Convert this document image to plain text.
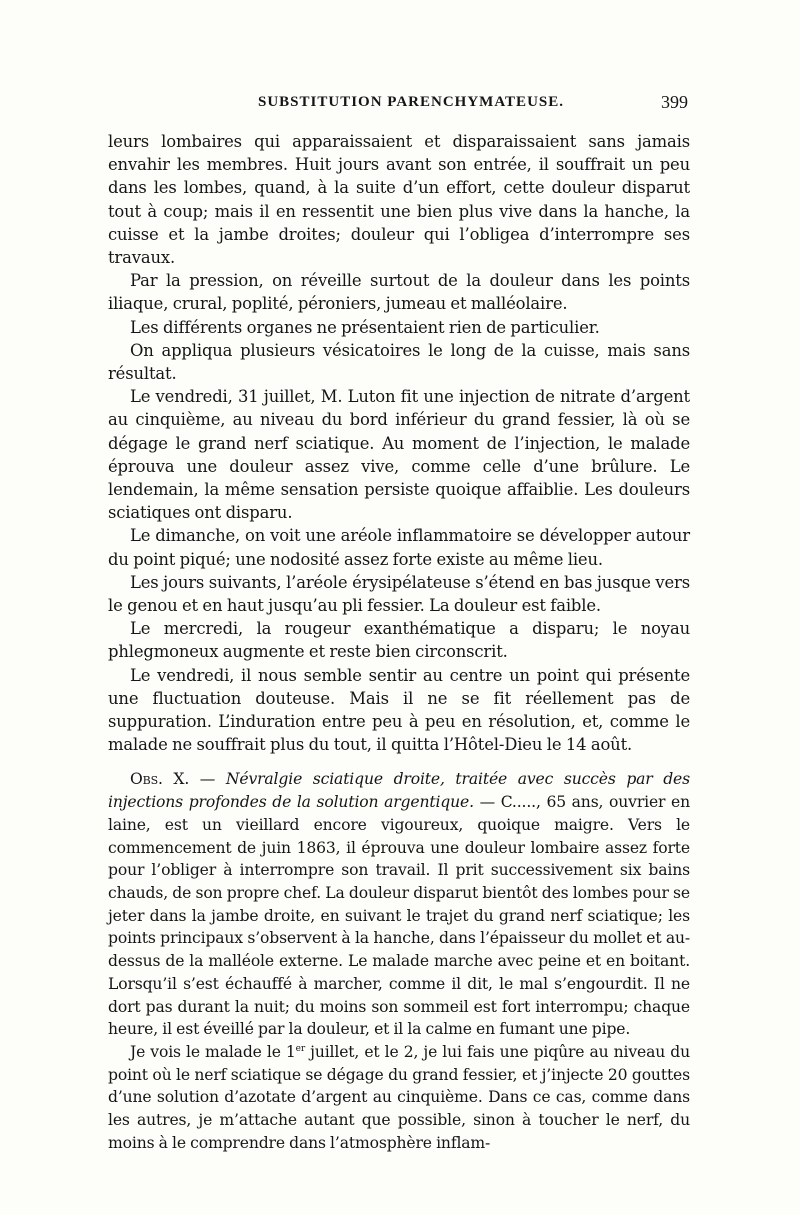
SUBSTITUTION PARENCHYMATEUSE.	399

leurs lombaires qui apparaissaient et disparaissaient sans jamais envahir les membres. Huit jours avant son entrée, il souffrait un peu dans les lombes, quand, à la suite d’un effort, cette douleur disparut tout à coup; mais il en ressentit une bien plus vive dans la hanche, la cuisse et la jambe droites; douleur qui l’obligea d’interrompre ses travaux.

Par la pression, on réveille surtout de la douleur dans les points iliaque, crural, poplité, péroniers, jumeau et malléolaire.

Les différents organes ne présentaient rien de particulier.

On appliqua plusieurs vésicatoires le long de la cuisse, mais sans résultat.

Le vendredi, 31 juillet, M. Luton fit une injection de nitrate d’argent au cinquième, au niveau du bord inférieur du grand fessier, là où se dégage le grand nerf sciatique. Au moment de l’injection, le malade éprouva une douleur assez vive, comme celle d’une brûlure. Le lendemain, la même sensation persiste quoique affaiblie. Les douleurs sciatiques ont disparu.

Le dimanche, on voit une aréole inflammatoire se développer autour du point piqué; une nodosité assez forte existe au même lieu.

Les jours suivants, l’aréole érysipélateuse s’étend en bas jusque vers le genou et en haut jusqu’au pli fessier. La douleur est faible.

Le mercredi, la rougeur exanthématique a disparu; le noyau phlegmoneux augmente et reste bien circonscrit.

Le vendredi, il nous semble sentir au centre un point qui présente une fluctuation douteuse. Mais il ne se fit réellement pas de suppuration. L’induration entre peu à peu en résolution, et, comme le malade ne souffrait plus du tout, il quitta l’Hôtel-Dieu le 14 août.

Obs. X. — Névralgie sciatique droite, traitée avec succès par des injections profondes de la solution argentique. — C....., 65 ans, ouvrier en laine, est un vieillard encore vigoureux, quoique maigre. Vers le commencement de juin 1863, il éprouva une douleur lombaire assez forte pour l’obliger à interrompre son travail. Il prit successivement six bains chauds, de son propre chef. La douleur disparut bientôt des lombes pour se jeter dans la jambe droite, en suivant le trajet du grand nerf sciatique; les points principaux s’observent à la hanche, dans l’épaisseur du mollet et au-dessus de la malléole externe. Le malade marche avec peine et en boitant. Lorsqu’il s’est échauffé à marcher, comme il dit, le mal s’engourdit. Il ne dort pas durant la nuit; du moins son sommeil est fort interrompu; chaque heure, il est éveillé par la douleur, et il la calme en fumant une pipe.

Je vois le malade le 1er juillet, et le 2, je lui fais une piqûre au niveau du point où le nerf sciatique se dégage du grand fessier, et j’injecte 20 gouttes d’une solution d’azotate d’argent au cinquième. Dans ce cas, comme dans les autres, je m’attache autant que possible, sinon à toucher le nerf, du moins à le comprendre dans l’atmosphère inflam-
